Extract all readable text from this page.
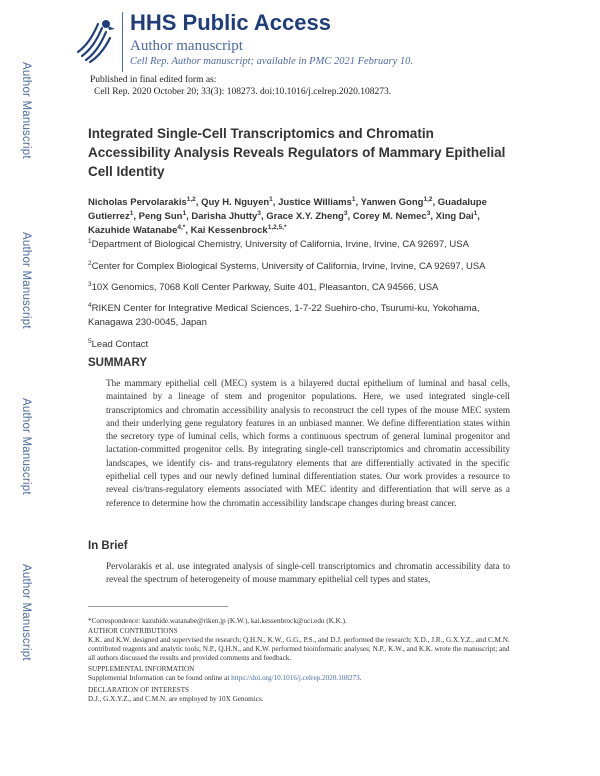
Author Manuscript
Author Manuscript
Author Manuscript
Author Manuscript
HHS Public Access
Author manuscript
Cell Rep. Author manuscript; available in PMC 2021 February 10.
Published in final edited form as:
Cell Rep. 2020 October 20; 33(3): 108273. doi:10.1016/j.celrep.2020.108273.
Integrated Single-Cell Transcriptomics and Chromatin Accessibility Analysis Reveals Regulators of Mammary Epithelial Cell Identity
Nicholas Pervolarakis$^{1,2}$, Quy H. Nguyen$^1$, Justice Williams$^1$, Yanwen Gong$^{1,2}$, Guadalupe Gutierrez$^1$, Peng Sun$^1$, Darisha Jhutty$^3$, Grace X.Y. Zheng$^3$, Corey M. Nemec$^3$, Xing Dai$^1$, Kazuhide Watanabe$^{4,*}$, Kai Kessenbrock$^{1,2,5,*}$
$^1$Department of Biological Chemistry, University of California, Irvine, Irvine, CA 92697, USA
$^2$Center for Complex Biological Systems, University of California, Irvine, Irvine, CA 92697, USA
$^3$10X Genomics, 7068 Koll Center Parkway, Suite 401, Pleasanton, CA 94566, USA
$^4$RIKEN Center for Integrative Medical Sciences, 1-7-22 Suehiro-cho, Tsurumi-ku, Yokohama, Kanagawa 230-0045, Japan
$^5$Lead Contact
SUMMARY
The mammary epithelial cell (MEC) system is a bilayered ductal epithelium of luminal and basal cells, maintained by a lineage of stem and progenitor populations. Here, we used integrated single-cell transcriptomics and chromatin accessibility analysis to reconstruct the cell types of the mouse MEC system and their underlying gene regulatory features in an unbiased manner. We define differentiation states within the secretory type of luminal cells, which forms a continuous spectrum of general luminal progenitor and lactation-committed progenitor cells. By integrating single-cell transcriptomics and chromatin accessibility landscapes, we identify cis- and trans-regulatory elements that are differentially activated in the specific epithelial cell types and our newly defined luminal differentiation states. Our work provides a resource to reveal cis/trans-regulatory elements associated with MEC identity and differentiation that will serve as a reference to determine how the chromatin accessibility landscape changes during breast cancer.
In Brief
Pervolarakis et al. use integrated analysis of single-cell transcriptomics and chromatin accessibility data to reveal the spectrum of heterogeneity of mouse mammary epithelial cell types and states,
*Correspondence: kazuhide.watanabe@riken.jp (K.W.), kai.kessenbrock@uci.edu (K.K.).
AUTHOR CONTRIBUTIONS
K.K. and K.W. designed and supervised the research; Q.H.N., K.W., G.G., P.S., and D.J. performed the research; X.D., J.R., G.X.Y.Z., and C.M.N. contributed reagents and analytic tools; N.P., Q.H.N., and K.W. performed bioinformatic analyses; N.P., K.W., and K.K. wrote the manuscript; and all authors discussed the results and provided comments and feedback.
SUPPLEMENTAL INFORMATION
Supplemental Information can be found online at https://doi.org/10.1016/j.celrep.2020.108273.
DECLARATION OF INTERESTS
D.J., G.X.Y.Z., and C.M.N. are employed by 10X Genomics.
